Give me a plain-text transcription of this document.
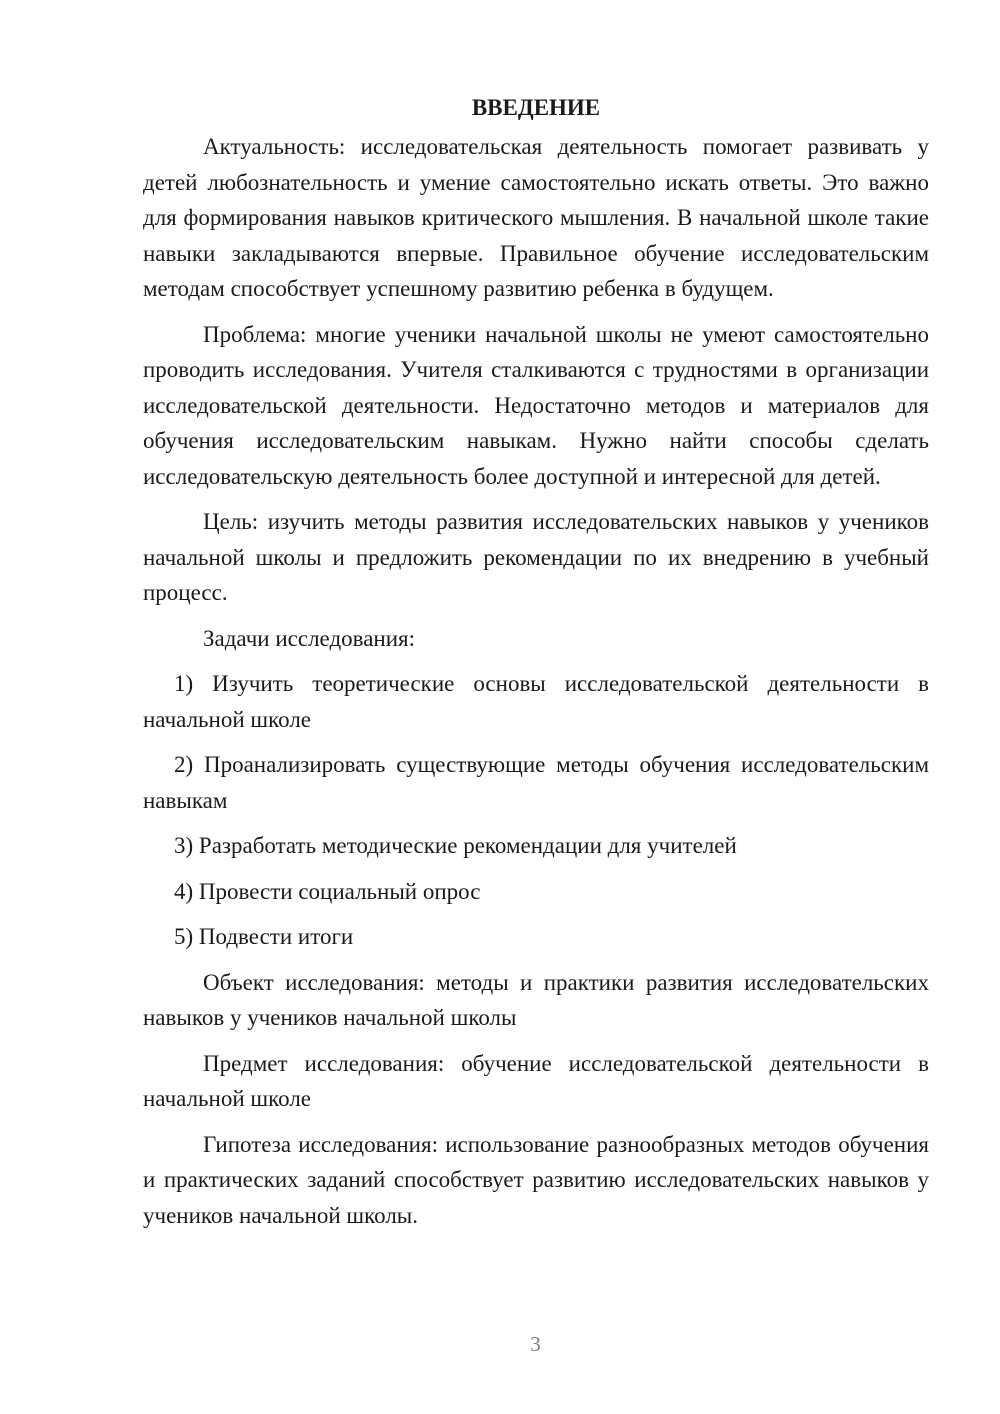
ВВЕДЕНИЕ

Актуальность: исследовательская деятельность помогает развивать у детей любознательность и умение самостоятельно искать ответы. Это важно для формирования навыков критического мышления. В начальной школе такие навыки закладываются впервые. Правильное обучение исследовательским методам способствует успешному развитию ребенка в будущем.

Проблема: многие ученики начальной школы не умеют самостоятельно проводить исследования. Учителя сталкиваются с трудностями в организации исследовательской деятельности. Недостаточно методов и материалов для обучения исследовательским навыкам. Нужно найти способы сделать исследовательскую деятельность более доступной и интересной для детей.

Цель: изучить методы развития исследовательских навыков у учеников начальной школы и предложить рекомендации по их внедрению в учебный процесс.

Задачи исследования:

1) Изучить теоретические основы исследовательской деятельности в начальной школе

2) Проанализировать существующие методы обучения исследовательским навыкам

3) Разработать методические рекомендации для учителей

4) Провести социальный опрос

5) Подвести итоги

Объект исследования: методы и практики развития исследовательских навыков у учеников начальной школы

Предмет исследования: обучение исследовательской деятельности в начальной школе

Гипотеза исследования: использование разнообразных методов обучения и практических заданий способствует развитию исследовательских навыков у учеников начальной школы.

3
